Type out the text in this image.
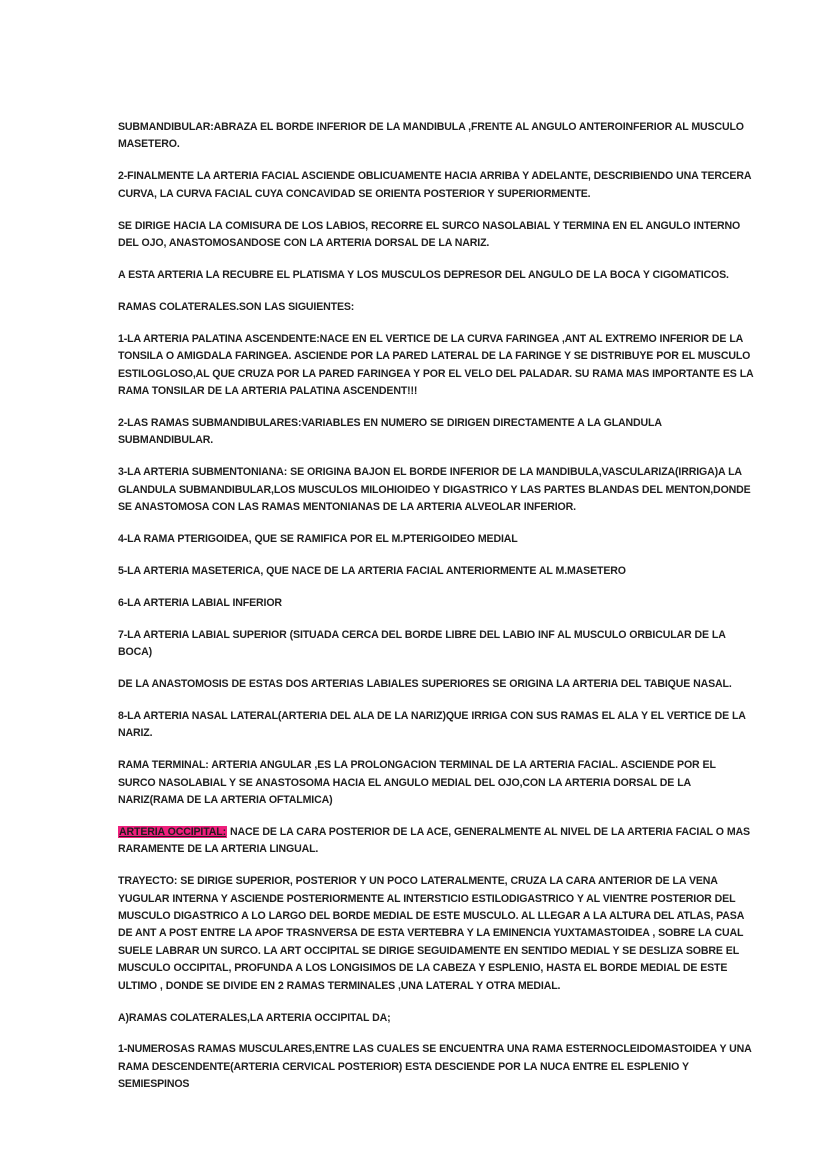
SUBMANDIBULAR:ABRAZA EL BORDE INFERIOR DE LA MANDIBULA ,FRENTE AL ANGULO ANTEROINFERIOR AL MUSCULO MASETERO.

2-FINALMENTE LA ARTERIA FACIAL ASCIENDE OBLICUAMENTE HACIA ARRIBA Y ADELANTE, DESCRIBIENDO UNA TERCERA CURVA, LA CURVA FACIAL CUYA CONCAVIDAD SE ORIENTA POSTERIOR Y SUPERIORMENTE.

SE DIRIGE HACIA LA COMISURA DE LOS LABIOS, RECORRE EL SURCO NASOLABIAL Y TERMINA EN EL ANGULO INTERNO DEL OJO, ANASTOMOSANDOSE CON LA ARTERIA DORSAL DE LA NARIZ.

A ESTA ARTERIA LA RECUBRE EL PLATISMA Y LOS MUSCULOS DEPRESOR DEL ANGULO DE LA BOCA Y CIGOMATICOS.

RAMAS COLATERALES.SON LAS SIGUIENTES:

1-LA ARTERIA PALATINA ASCENDENTE:NACE EN EL VERTICE DE LA CURVA FARINGEA ,ANT AL EXTREMO INFERIOR DE LA TONSILA O AMIGDALA FARINGEA. ASCIENDE POR LA PARED LATERAL DE LA FARINGE Y SE DISTRIBUYE POR EL MUSCULO ESTILOGLOSO,AL QUE CRUZA POR LA PARED FARINGEA Y POR EL VELO DEL PALADAR. SU RAMA MAS IMPORTANTE ES LA RAMA TONSILAR DE LA ARTERIA PALATINA ASCENDENT!!!

2-LAS RAMAS SUBMANDIBULARES:VARIABLES EN NUMERO SE DIRIGEN DIRECTAMENTE A LA GLANDULA SUBMANDIBULAR.

3-LA ARTERIA SUBMENTONIANA: SE ORIGINA BAJON EL BORDE INFERIOR DE LA MANDIBULA,VASCULARIZA(IRRIGA)A LA GLANDULA SUBMANDIBULAR,LOS MUSCULOS MILOHIOIDEO Y DIGASTRICO Y LAS PARTES BLANDAS DEL MENTON,DONDE SE ANASTOMOSA CON LAS RAMAS MENTONIANAS DE LA ARTERIA ALVEOLAR INFERIOR.

4-LA RAMA PTERIGOIDEA, QUE SE RAMIFICA POR EL M.PTERIGOIDEO MEDIAL

5-LA ARTERIA MASETERICA, QUE NACE DE LA ARTERIA FACIAL ANTERIORMENTE AL M.MASETERO

6-LA ARTERIA LABIAL INFERIOR

7-LA ARTERIA LABIAL SUPERIOR (SITUADA CERCA DEL BORDE LIBRE DEL LABIO INF AL MUSCULO ORBICULAR DE LA BOCA)

DE LA ANASTOMOSIS DE ESTAS DOS ARTERIAS LABIALES SUPERIORES SE ORIGINA LA ARTERIA DEL TABIQUE NASAL.

8-LA ARTERIA NASAL LATERAL(ARTERIA DEL ALA DE LA NARIZ)QUE IRRIGA CON SUS RAMAS EL ALA Y EL VERTICE DE LA NARIZ.

RAMA TERMINAL: ARTERIA ANGULAR ,ES LA PROLONGACION TERMINAL DE LA ARTERIA FACIAL. ASCIENDE POR EL SURCO NASOLABIAL Y SE ANASTOSOMA HACIA EL ANGULO MEDIAL DEL OJO,CON LA ARTERIA DORSAL DE LA NARIZ(RAMA DE LA ARTERIA OFTALMICA)

ARTERIA OCCIPITAL: NACE DE LA CARA POSTERIOR DE LA ACE, GENERALMENTE AL NIVEL DE LA ARTERIA FACIAL O MAS RARAMENTE DE LA ARTERIA LINGUAL.

TRAYECTO: SE DIRIGE SUPERIOR, POSTERIOR Y UN POCO LATERALMENTE, CRUZA LA CARA ANTERIOR DE LA VENA YUGULAR INTERNA Y ASCIENDE POSTERIORMENTE AL INTERSTICIO ESTILODIGASTRICO Y AL VIENTRE POSTERIOR DEL MUSCULO DIGASTRICO A LO LARGO DEL BORDE MEDIAL DE ESTE MUSCULO. AL LLEGAR A LA ALTURA DEL ATLAS, PASA DE ANT A POST ENTRE LA APOF TRASNVERSA DE ESTA VERTEBRA Y LA EMINENCIA YUXTAMASTOIDEA , SOBRE LA CUAL SUELE LABRAR UN SURCO. LA ART OCCIPITAL SE DIRIGE SEGUIDAMENTE EN SENTIDO MEDIAL Y SE DESLIZA SOBRE EL MUSCULO OCCIPITAL, PROFUNDA A LOS LONGISIMOS DE LA CABEZA Y ESPLENIO, HASTA EL BORDE MEDIAL DE ESTE ULTIMO , DONDE SE DIVIDE EN 2 RAMAS TERMINALES ,UNA LATERAL Y OTRA MEDIAL.

A)RAMAS COLATERALES,LA ARTERIA OCCIPITAL DA;

1-NUMEROSAS RAMAS MUSCULARES,ENTRE LAS CUALES SE ENCUENTRA UNA RAMA ESTERNOCLEIDOMASTOIDEA Y UNA RAMA DESCENDENTE(ARTERIA CERVICAL POSTERIOR) ESTA DESCIENDE POR LA NUCA ENTRE EL ESPLENIO Y SEMIESPINOS
